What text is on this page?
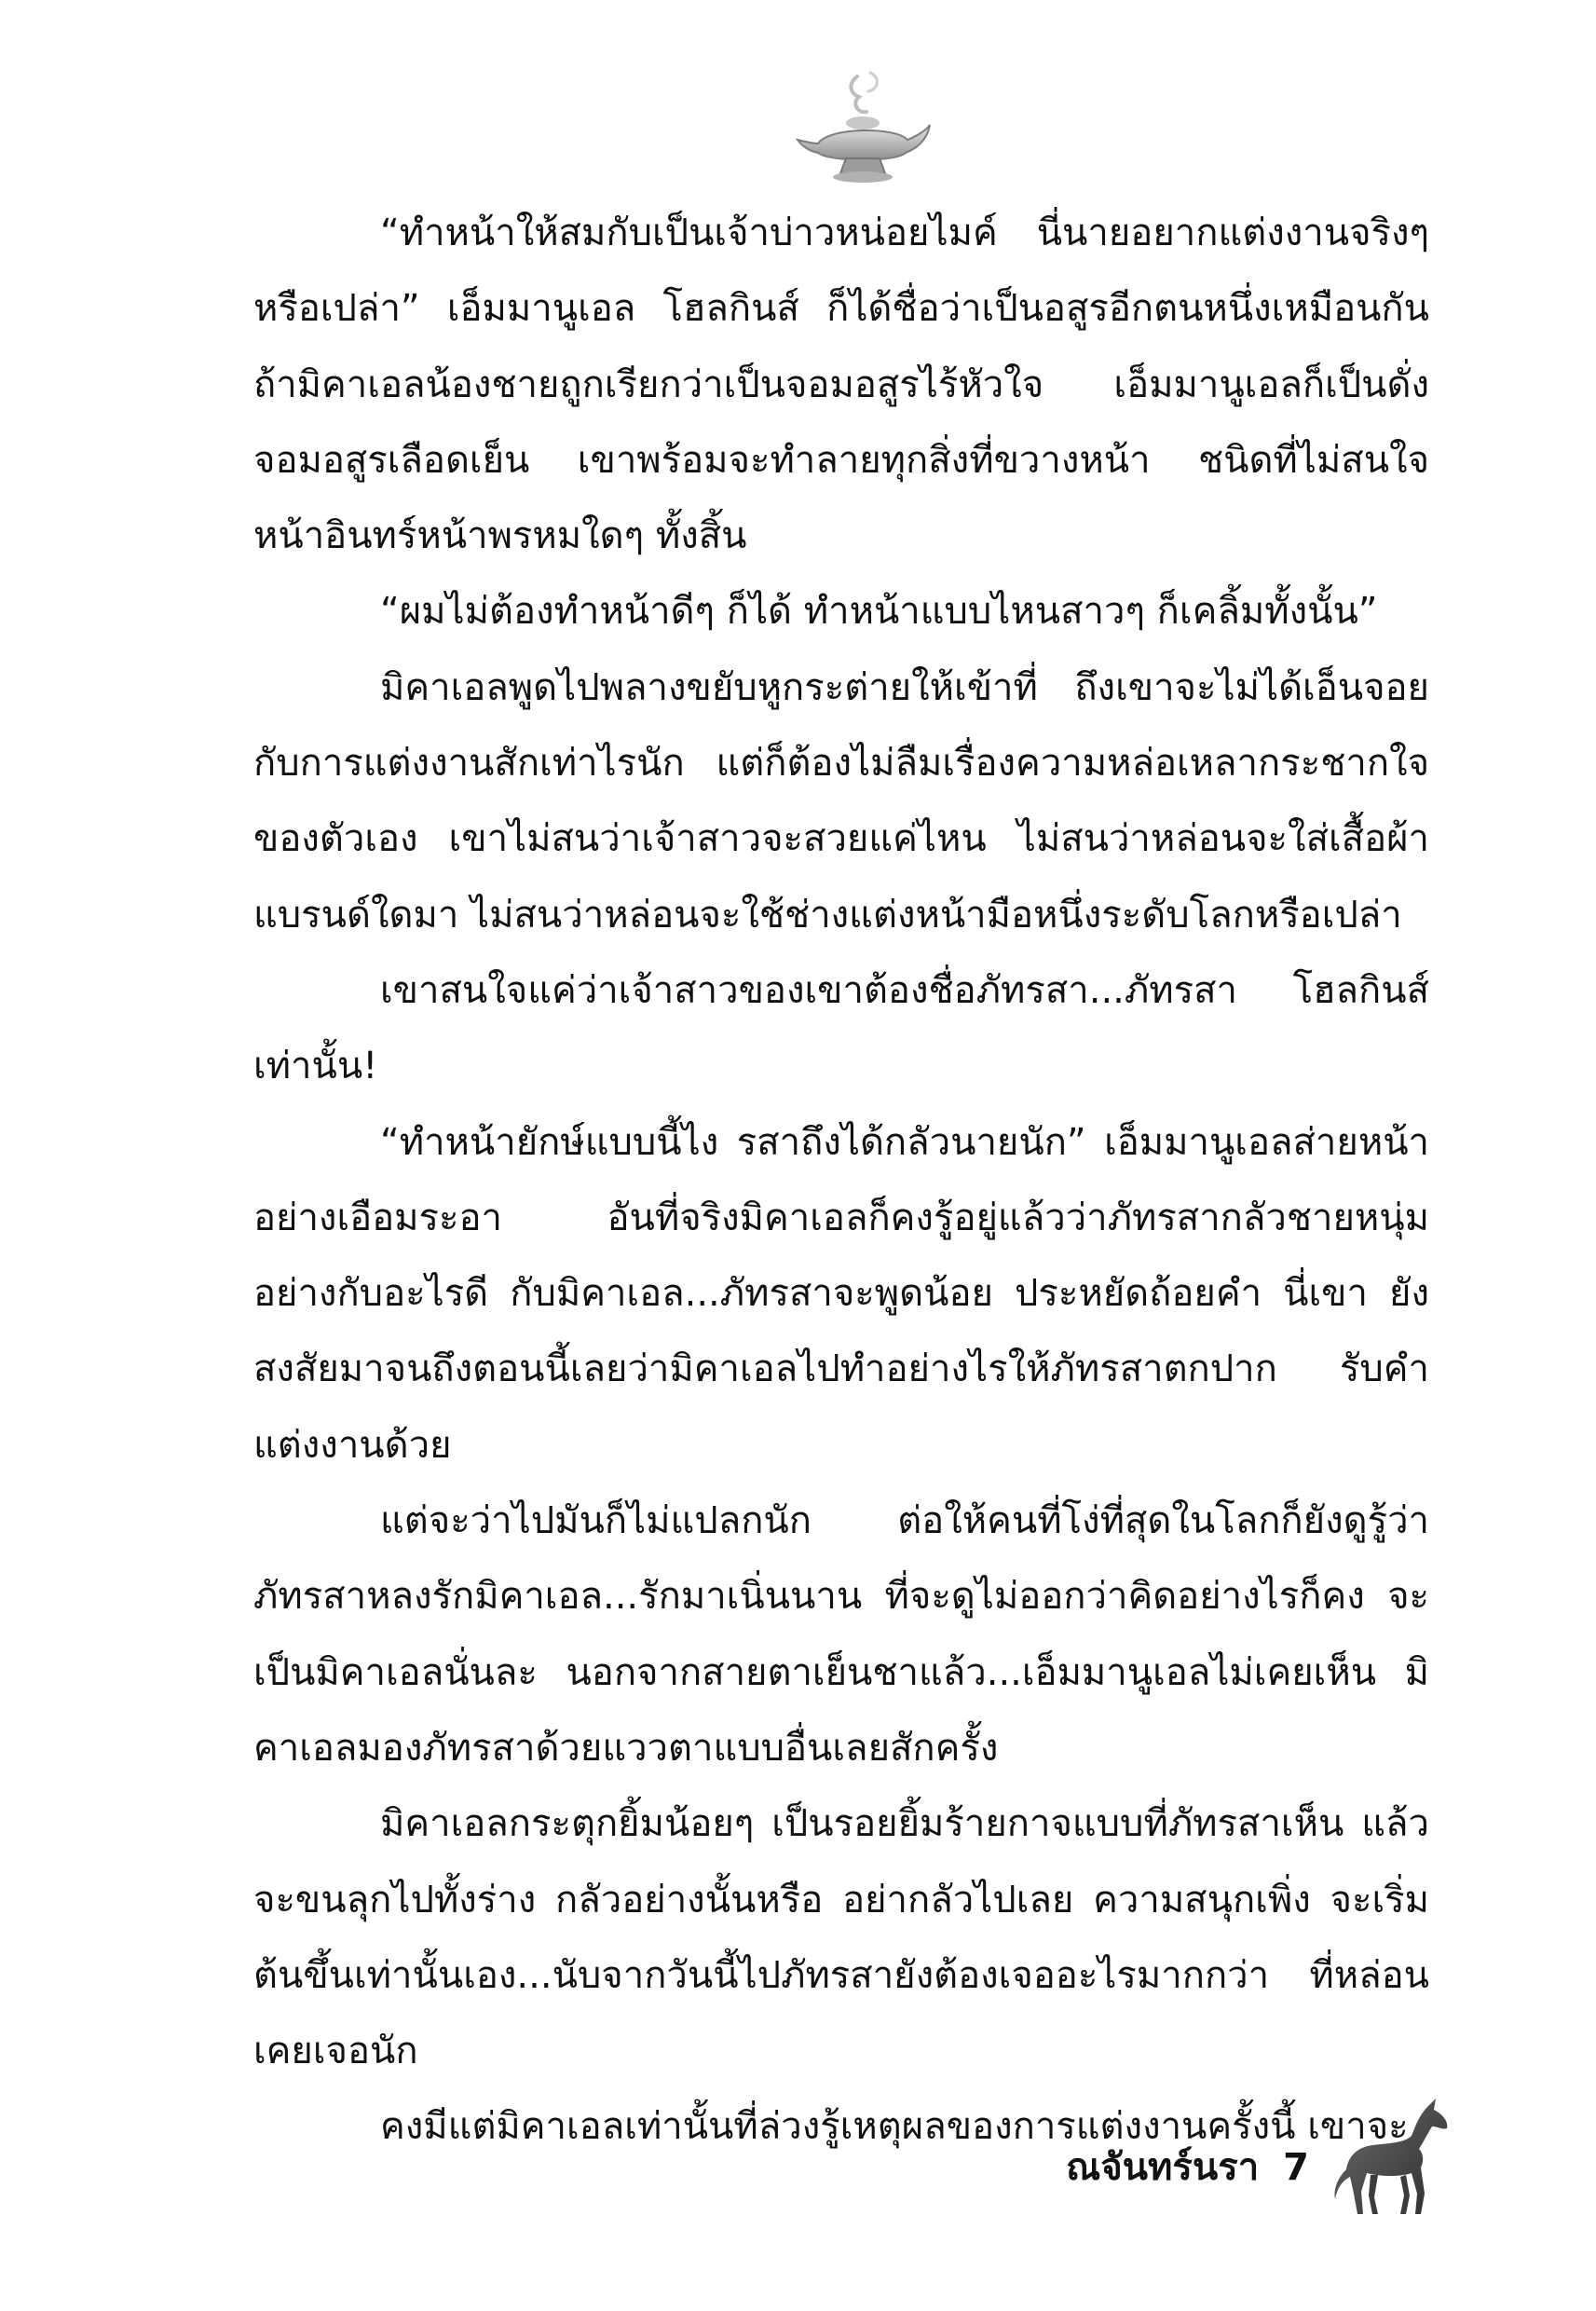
“ทำหน้าให้สมกับเป็นเจ้าบ่าวหน่อยไมค์ นี่นายอยากแต่งงานจริงๆ หรือเปล่า” เอ็มมานูเอล โฮลกินส์ ก็ได้ชื่อว่าเป็นอสูรอีกตนหนึ่งเหมือนกัน ถ้ามิคาเอลน้องชายถูกเรียกว่าเป็นจอมอสูรไร้หัวใจ เอ็มมานูเอลก็เป็นดั่ง จอมอสูรเลือดเย็น เขาพร้อมจะทำลายทุกสิ่งที่ขวางหน้า ชนิดที่ไม่สนใจ หน้าอินทร์หน้าพรหมใดๆ ทั้งสิ้น

“ผมไม่ต้องทำหน้าดีๆ ก็ได้ ทำหน้าแบบไหนสาวๆ ก็เคลิ้มทั้งนั้น”

มิคาเอลพูดไปพลางขยับหูกระต่ายให้เข้าที่ ถึงเขาจะไม่ได้เอ็นจอย กับการแต่งงานสักเท่าไรนัก แต่ก็ต้องไม่ลืมเรื่องความหล่อเหลากระชากใจ ของตัวเอง เขาไม่สนว่าเจ้าสาวจะสวยแค่ไหน ไม่สนว่าหล่อนจะใส่เสื้อผ้า แบรนด์ใดมา ไม่สนว่าหล่อนจะใช้ช่างแต่งหน้ามือหนึ่งระดับโลกหรือเปล่า

เขาสนใจแค่ว่าเจ้าสาวของเขาต้องชื่อภัทรสา...ภัทรสา โฮลกินส์ เท่านั้น!

“ทำหน้ายักษ์แบบนี้ไง รสาถึงได้กลัวนายนัก” เอ็มมานูเอลส่ายหน้า อย่างเอือมระอา อันที่จริงมิคาเอลก็คงรู้อยู่แล้วว่าภัทรสากลัวชายหนุ่ม อย่างกับอะไรดี กับมิคาเอล...ภัทรสาจะพูดน้อย ประหยัดถ้อยคำ นี่เขา ยังสงสัยมาจนถึงตอนนี้เลยว่ามิคาเอลไปทำอย่างไรให้ภัทรสาตกปาก รับคำแต่งงานด้วย

แต่จะว่าไปมันก็ไม่แปลกนัก ต่อให้คนที่โง่ที่สุดในโลกก็ยังดูรู้ว่า ภัทรสาหลงรักมิคาเอล...รักมาเนิ่นนาน ที่จะดูไม่ออกว่าคิดอย่างไรก็คง จะเป็นมิคาเอลนั่นละ นอกจากสายตาเย็นชาแล้ว...เอ็มมานูเอลไม่เคยเห็น มิคาเอลมองภัทรสาด้วยแววตาแบบอื่นเลยสักครั้ง

มิคาเอลกระตุกยิ้มน้อยๆ เป็นรอยยิ้มร้ายกาจแบบที่ภัทรสาเห็น แล้วจะขนลุกไปทั้งร่าง กลัวอย่างนั้นหรือ อย่ากลัวไปเลย ความสนุกเพิ่ง จะเริ่มต้นขึ้นเท่านั้นเอง...นับจากวันนี้ไปภัทรสายังต้องเจออะไรมากกว่า ที่หล่อนเคยเจอนัก

คงมีแต่มิคาเอลเท่านั้นที่ล่วงรู้เหตุผลของการแต่งงานครั้งนี้ เขาจะ

ณจันทร์นรา 7
